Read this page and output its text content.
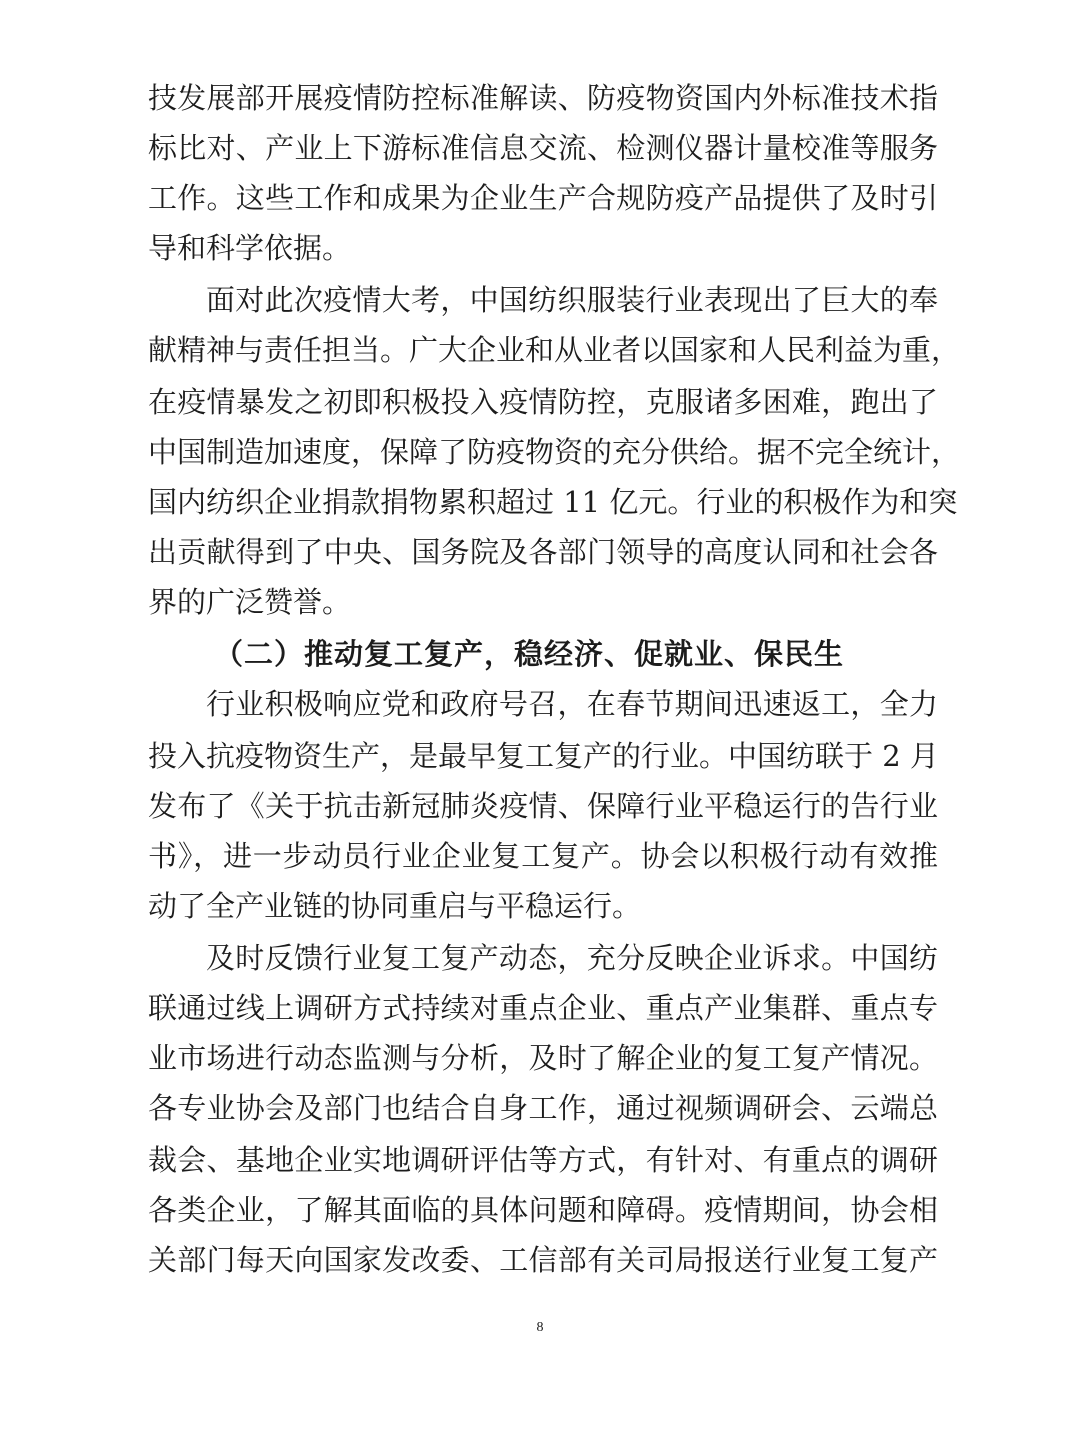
技发展部开展疫情防控标准解读、防疫物资国内外标准技术指
标比对、产业上下游标准信息交流、检测仪器计量校准等服务
工作。这些工作和成果为企业生产合规防疫产品提供了及时引
导和科学依据。
面对此次疫情大考，中国纺织服装行业表现出了巨大的奉
献精神与责任担当。广大企业和从业者以国家和人民利益为重，
在疫情暴发之初即积极投入疫情防控，克服诸多困难，跑出了
中国制造加速度，保障了防疫物资的充分供给。据不完全统计，
国内纺织企业捐款捐物累积超过 11 亿元。行业的积极作为和突
出贡献得到了中央、国务院及各部门领导的高度认同和社会各
界的广泛赞誉。
（二）推动复工复产，稳经济、促就业、保民生
行业积极响应党和政府号召，在春节期间迅速返工，全力
投入抗疫物资生产，是最早复工复产的行业。中国纺联于 2 月
发布了《关于抗击新冠肺炎疫情、保障行业平稳运行的告行业
书》，进一步动员行业企业复工复产。协会以积极行动有效推
动了全产业链的协同重启与平稳运行。
及时反馈行业复工复产动态，充分反映企业诉求。中国纺
联通过线上调研方式持续对重点企业、重点产业集群、重点专
业市场进行动态监测与分析，及时了解企业的复工复产情况。
各专业协会及部门也结合自身工作，通过视频调研会、云端总
裁会、基地企业实地调研评估等方式，有针对、有重点的调研
各类企业，了解其面临的具体问题和障碍。疫情期间，协会相
关部门每天向国家发改委、工信部有关司局报送行业复工复产
8
